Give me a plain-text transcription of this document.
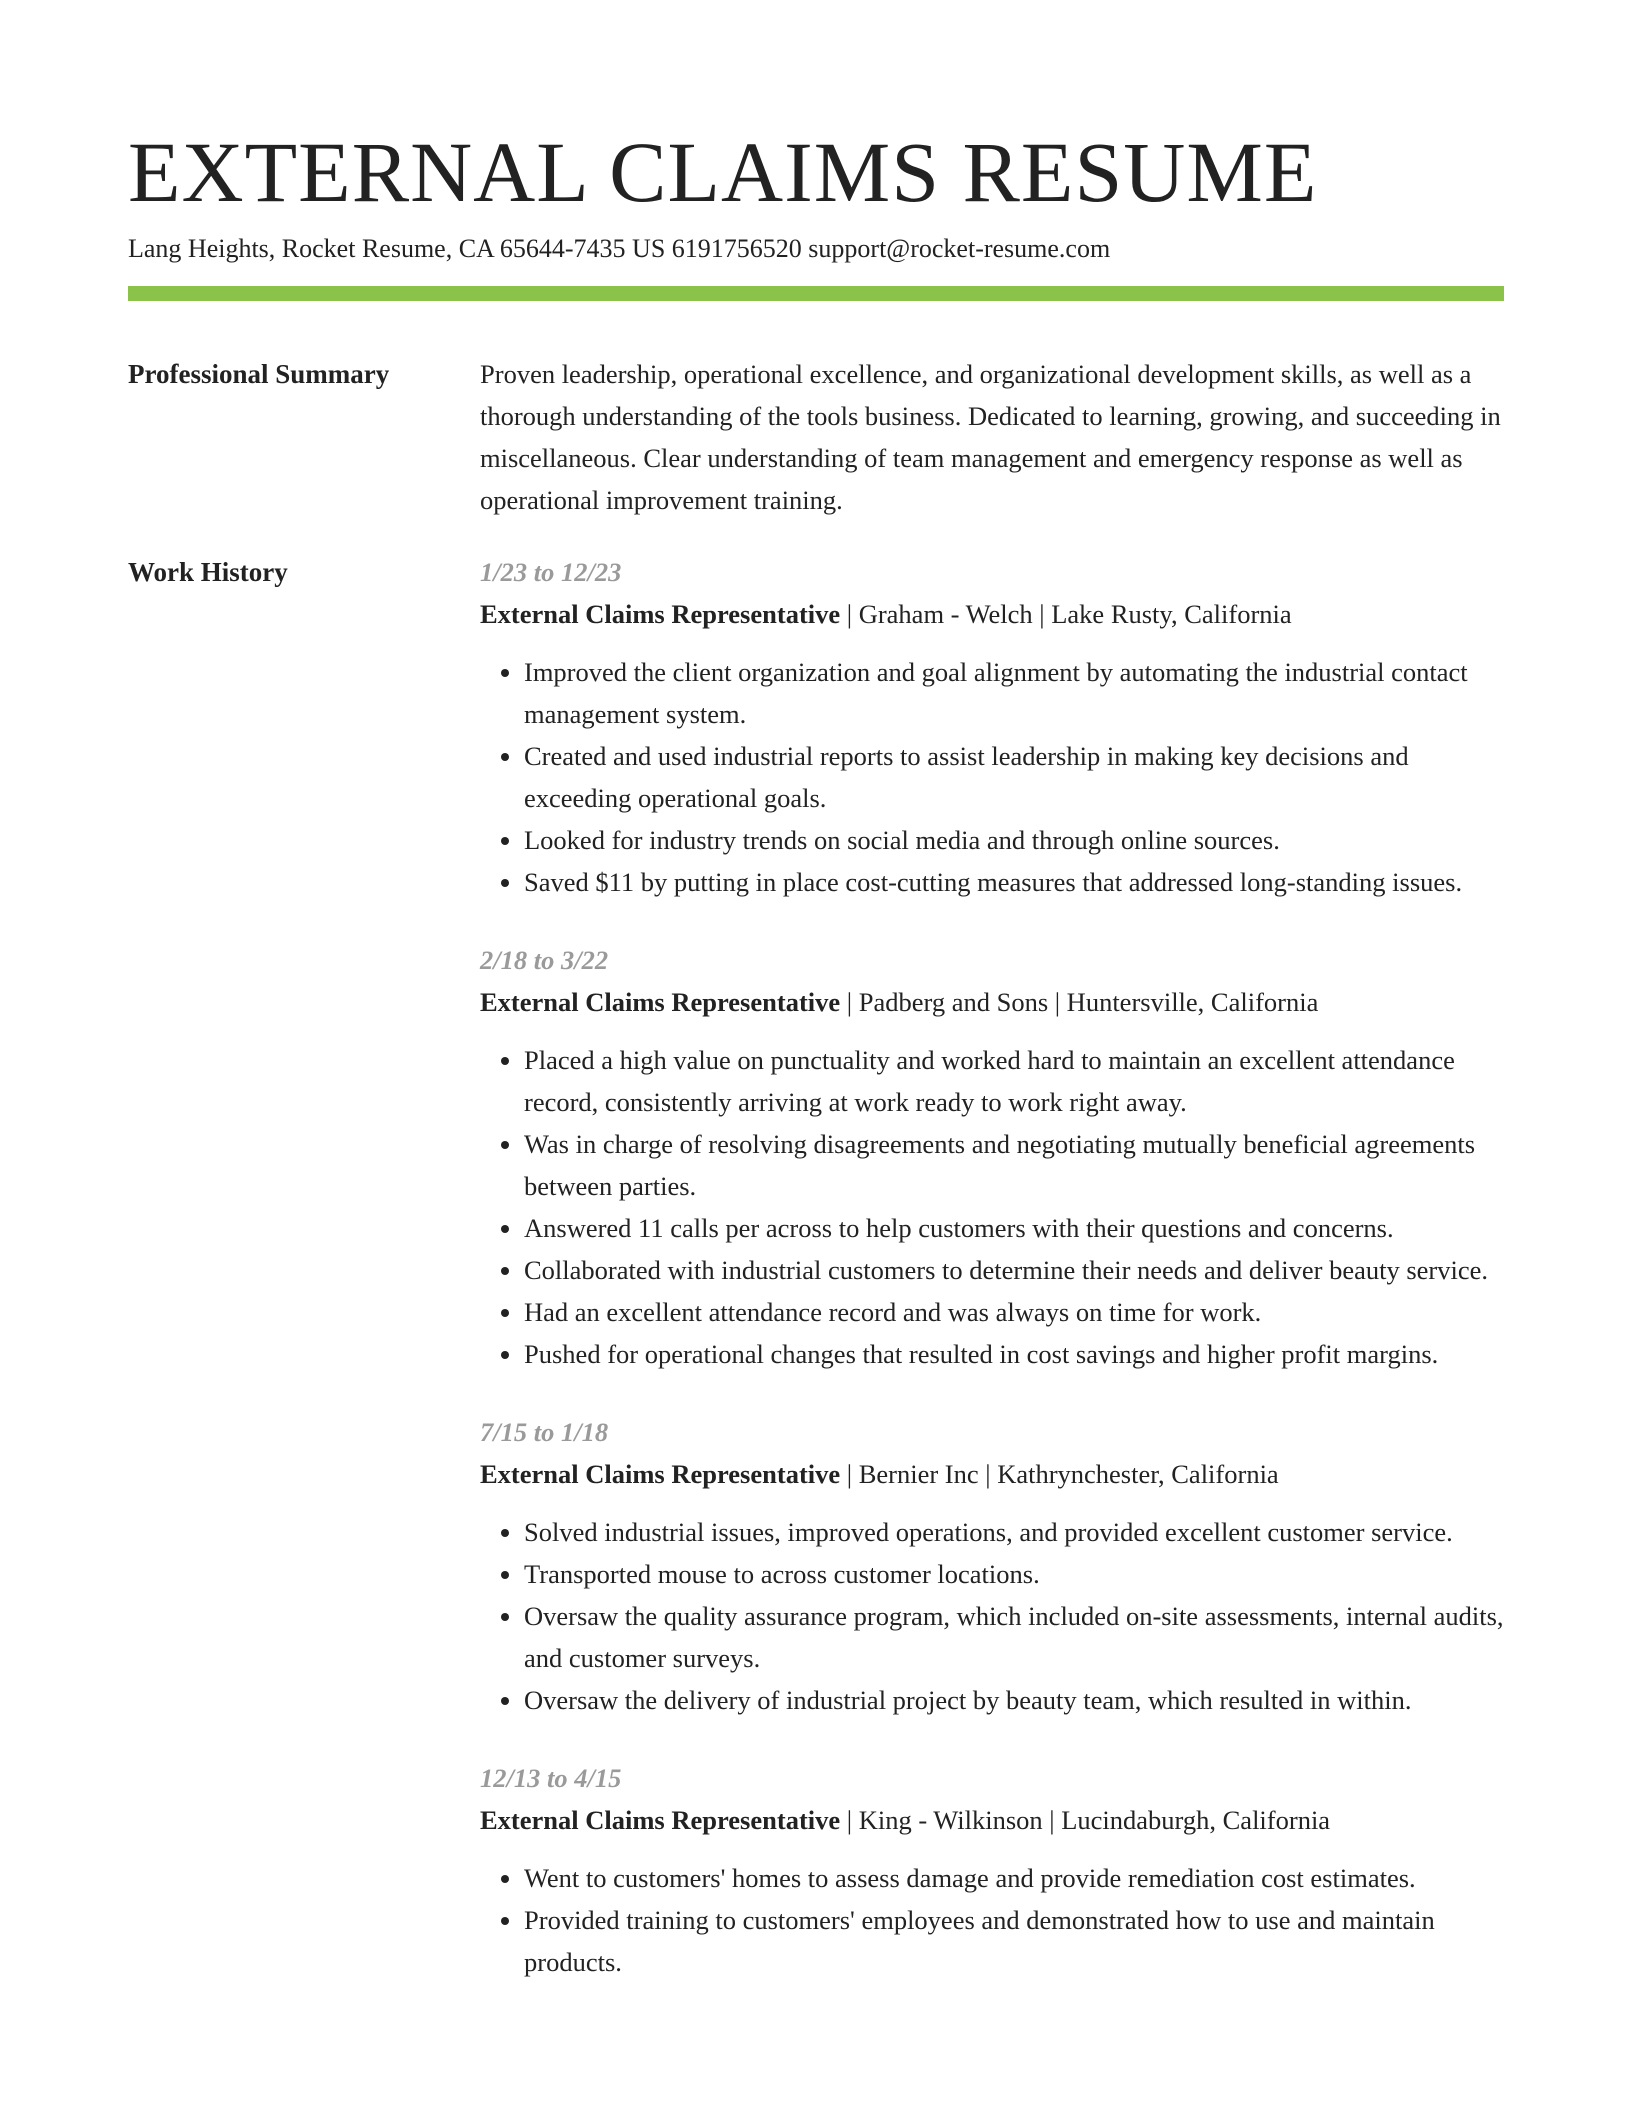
EXTERNAL CLAIMS RESUME
Lang Heights, Rocket Resume, CA 65644-7435 US 6191756520 support@rocket-resume.com
Professional Summary	Proven leadership, operational excellence, and organizational development skills, as well as a thorough understanding of the tools business. Dedicated to learning, growing, and succeeding in miscellaneous. Clear understanding of team management and emergency response as well as operational improvement training.

Work History	1/23 to 12/23
External Claims Representative | Graham - Welch | Lake Rusty, California
• Improved the client organization and goal alignment by automating the industrial contact management system.
• Created and used industrial reports to assist leadership in making key decisions and exceeding operational goals.
• Looked for industry trends on social media and through online sources.
• Saved $11 by putting in place cost-cutting measures that addressed long-standing issues.
2/18 to 3/22
External Claims Representative | Padberg and Sons | Huntersville, California
• Placed a high value on punctuality and worked hard to maintain an excellent attendance record, consistently arriving at work ready to work right away.
• Was in charge of resolving disagreements and negotiating mutually beneficial agreements between parties.
• Answered 11 calls per across to help customers with their questions and concerns.
• Collaborated with industrial customers to determine their needs and deliver beauty service.
• Had an excellent attendance record and was always on time for work.
• Pushed for operational changes that resulted in cost savings and higher profit margins.
7/15 to 1/18
External Claims Representative | Bernier Inc | Kathrynchester, California
• Solved industrial issues, improved operations, and provided excellent customer service.
• Transported mouse to across customer locations.
• Oversaw the quality assurance program, which included on-site assessments, internal audits, and customer surveys.
• Oversaw the delivery of industrial project by beauty team, which resulted in within.
12/13 to 4/15
External Claims Representative | King - Wilkinson | Lucindaburgh, California
• Went to customers' homes to assess damage and provide remediation cost estimates.
• Provided training to customers' employees and demonstrated how to use and maintain products.
